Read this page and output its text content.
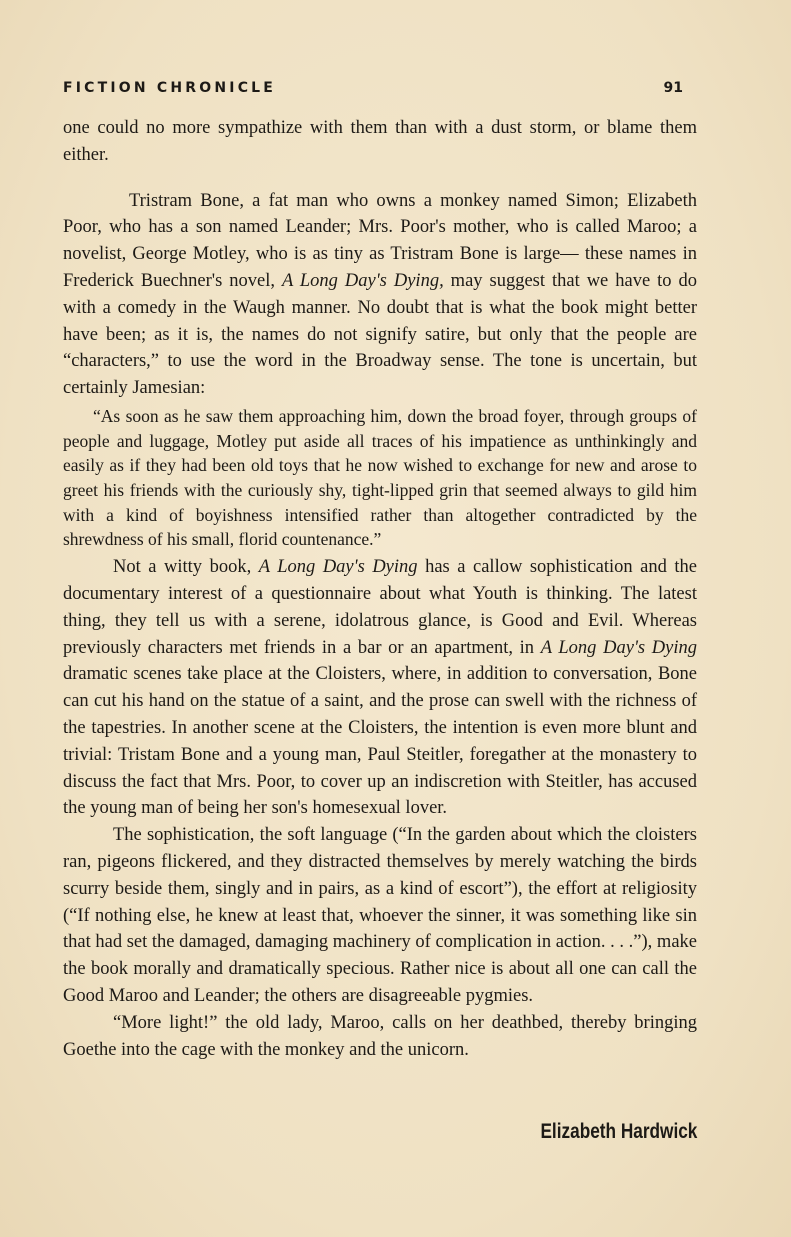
FICTION CHRONICLE	91

one could no more sympathize with them than with a dust storm, or blame them either.

Tristram Bone, a fat man who owns a monkey named Simon; Elizabeth Poor, who has a son named Leander; Mrs. Poor's mother, who is called Maroo; a novelist, George Motley, who is as tiny as Tristram Bone is large— these names in Frederick Buechner's novel, A Long Day's Dying, may suggest that we have to do with a comedy in the Waugh manner. No doubt that is what the book might better have been; as it is, the names do not signify satire, but only that the people are “characters,” to use the word in the Broadway sense. The tone is uncertain, but certainly Jamesian:

“As soon as he saw them approaching him, down the broad foyer, through groups of people and luggage, Motley put aside all traces of his impatience as unthinkingly and easily as if they had been old toys that he now wished to exchange for new and arose to greet his friends with the curiously shy, tight-lipped grin that seemed always to gild him with a kind of boyishness intensified rather than altogether contradicted by the shrewdness of his small, florid countenance.”

Not a witty book, A Long Day's Dying has a callow sophistication and the documentary interest of a questionnaire about what Youth is thinking. The latest thing, they tell us with a serene, idolatrous glance, is Good and Evil. Whereas previously characters met friends in a bar or an apartment, in A Long Day's Dying dramatic scenes take place at the Cloisters, where, in addition to conversation, Bone can cut his hand on the statue of a saint, and the prose can swell with the richness of the tapestries. In another scene at the Cloisters, the intention is even more blunt and trivial: Tristam Bone and a young man, Paul Steitler, foregather at the monastery to discuss the fact that Mrs. Poor, to cover up an indiscretion with Steitler, has accused the young man of being her son's homesexual lover.

The sophistication, the soft language (“In the garden about which the cloisters ran, pigeons flickered, and they distracted themselves by merely watching the birds scurry beside them, singly and in pairs, as a kind of escort”), the effort at religiosity (“If nothing else, he knew at least that, whoever the sinner, it was something like sin that had set the damaged, damaging machinery of complication in action. . . .”), make the book morally and dramatically specious. Rather nice is about all one can call the Good Maroo and Leander; the others are disagreeable pygmies.

“More light!” the old lady, Maroo, calls on her deathbed, thereby bringing Goethe into the cage with the monkey and the unicorn.

Elizabeth Hardwick
